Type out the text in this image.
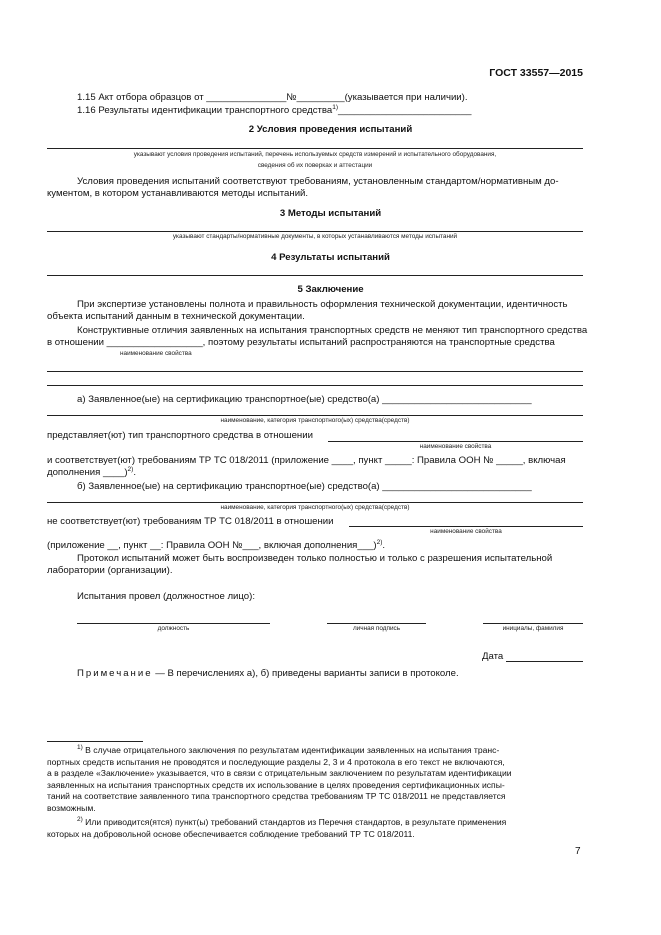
ГОСТ 33557—2015
1.15 Акт отбора образцов от _______________№_________(указывается при наличии).
1.16 Результаты идентификации транспортного средства$^{1)}$_________________________
2 Условия проведения испытаний
указывают условия проведения испытаний, перечень используемых средств измерений и испытательного оборудования,
сведения об их поверках и аттестации
Условия проведения испытаний соответствуют требованиям, установленным стандартом/нормативным до-
кументом, в котором устанавливаются методы испытаний.
3 Методы испытаний
указывают стандарты/нормативные документы, в которых устанавливаются методы испытаний
4 Результаты испытаний
5 Заключение
При экспертизе установлены полнота и правильность оформления технической документации, идентичность
объекта испытаний данным в технической документации.
Конструктивные отличия заявленных на испытания транспортных средств не меняют тип транспортного средства
в отношении __________________, поэтому результаты испытаний распространяются на транспортные средства
наименование свойства
а) Заявленное(ые) на сертификацию транспортное(ые) средство(а) ____________________________
наименование, категория транспортного(ых) средства(средств)
представляет(ют) тип транспортного средства в отношении
наименование свойства
и соответствует(ют) требованиям ТР ТС 018/2011 (приложение ____, пункт _____: Правила ООН № _____, включая
дополнения ____)$^{2)}$.
б) Заявленное(ые) на сертификацию транспортное(ые) средство(а) ____________________________
наименование, категория транспортного(ых) средства(средств)
не соответствует(ют) требованиям ТР ТС 018/2011 в отношении
наименование свойства
(приложение __, пункт __: Правила ООН №___, включая дополнения___)$^{2)}$.
Протокол испытаний может быть воспроизведен только полностью и только с разрешения испытательной
лаборатории (организации).
Испытания провел (должностное лицо):
должность	личная подпись	инициалы, фамилия
Дата
Примечание — В перечислениях а), б) приведены варианты записи в протоколе.
$^{1)}$ В случае отрицательного заключения по результатам идентификации заявленных на испытания транс-
портных средств испытания не проводятся и последующие разделы 2, 3 и 4 протокола в его текст не включаются,
а в разделе «Заключение» указывается, что в связи с отрицательным заключением по результатам идентификации
заявленных на испытания транспортных средств их использование в целях проведения сертификационных испы-
таний на соответствие заявленного типа транспортного средства требованиям ТР ТС 018/2011 не представляется
возможным.
$^{2)}$ Или приводится(ятся) пункт(ы) требований стандартов из Перечня стандартов, в результате применения
которых на добровольной основе обеспечивается соблюдение требований ТР ТС 018/2011.
7
